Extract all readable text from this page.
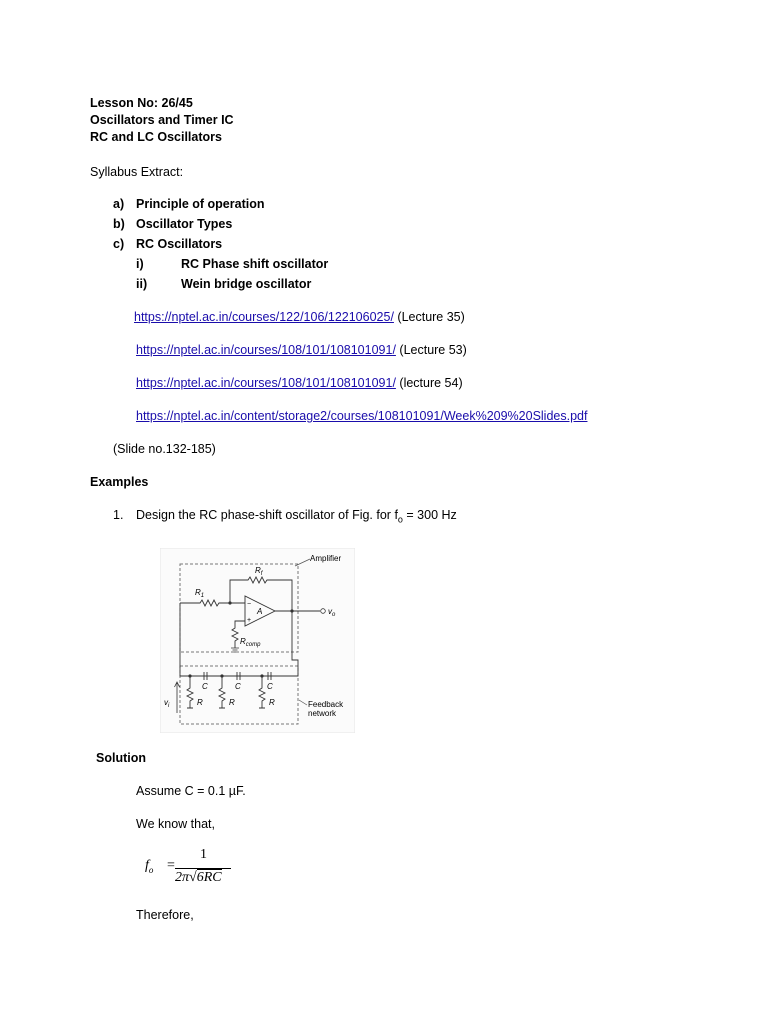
Lesson No: 26/45
Oscillators and Timer IC
RC and LC Oscillators
Syllabus Extract:
a) Principle of operation
b) Oscillator Types
c) RC Oscillators
i)	RC Phase shift oscillator
ii)	Wein bridge oscillator
https://nptel.ac.in/courses/122/106/122106025/ (Lecture 35)
https://nptel.ac.in/courses/108/101/108101091/ (Lecture 53)
https://nptel.ac.in/courses/108/101/108101091/ (lecture 54)
https://nptel.ac.in/content/storage2/courses/108101091/Week%209%20Slides.pdf
(Slide no.132-185)
Examples
1. Design the RC phase-shift oscillator of Fig. for $f_o = 300$ Hz
Amplifier
$R_f$
$R_1$
A
−
+
$R_{comp}$
$v_o$
C	C	C
R	R	R
$v_i$	Feedback
network
Solution
Assume C = 0.1 µF.
We know that,
$f_o$ =
1
2π√6RC
Therefore,
